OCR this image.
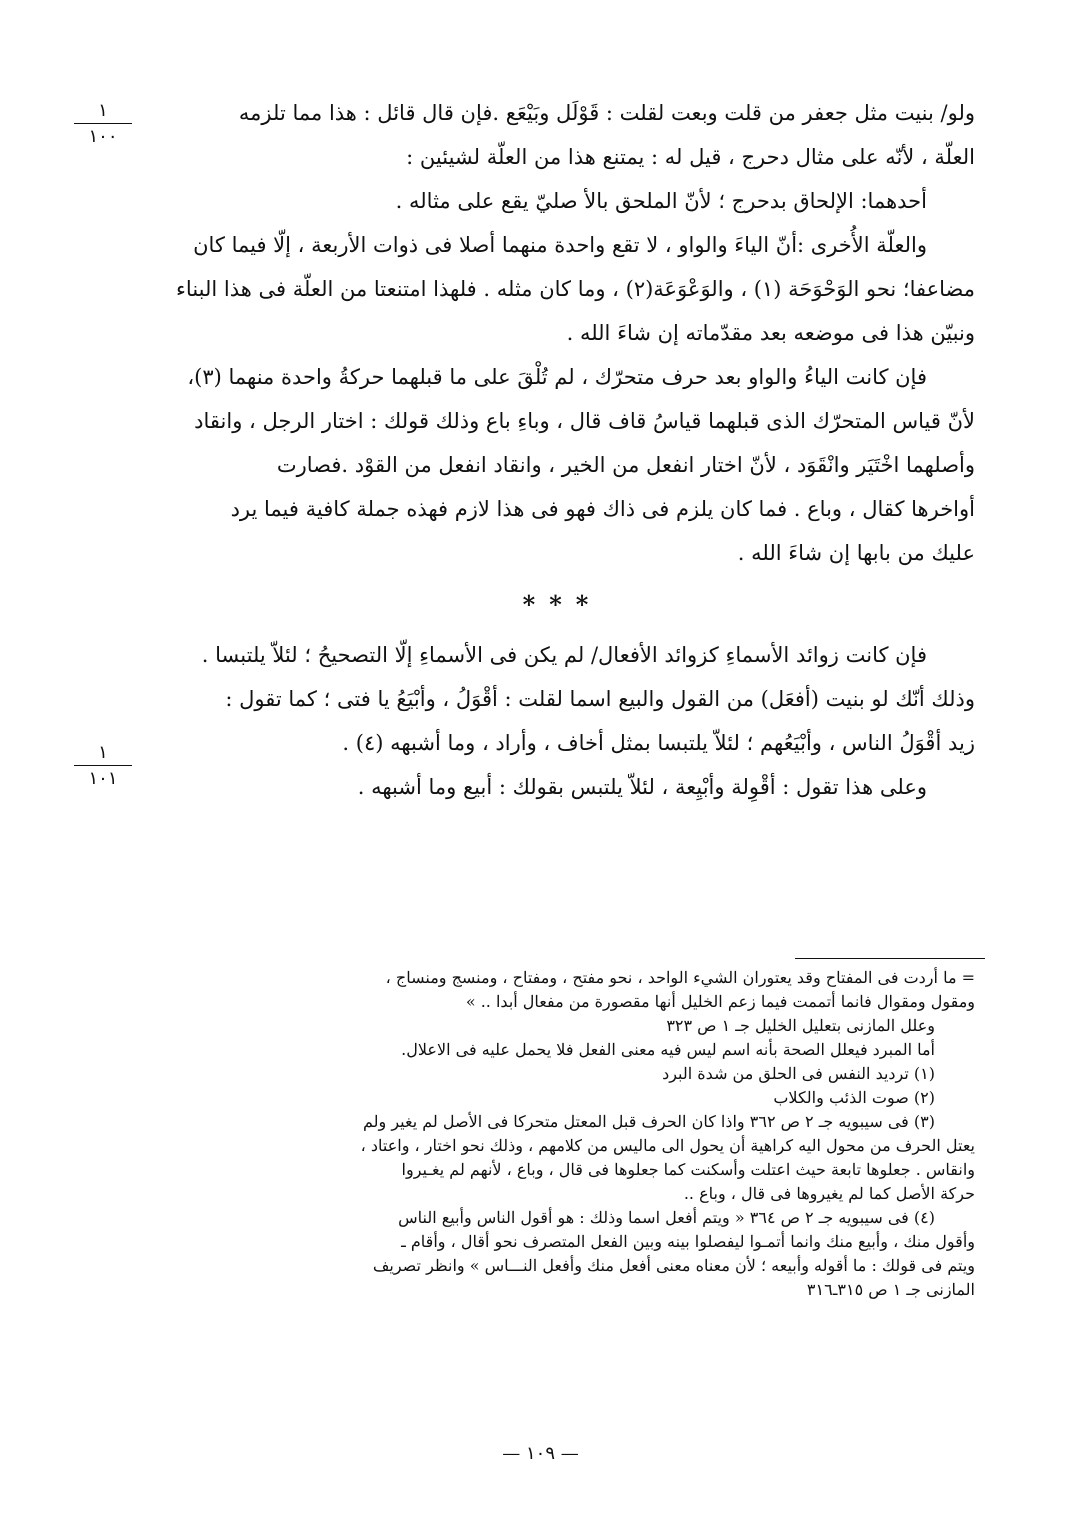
١
١٠٠
١
١٠١
ولو/ بنيت مثل جعفر من قلت وبعت لقلت : قَوْلَل وبَيْعَع .فإن قال قائل : هذا مما تلزمه
العلّة ، لأنّه على مثال دحرج ، قيل له : يمتنع هذا من العلّة لشيئين :
أحدهما: الإلحاق بدحرج ؛ لأنّ الملحق بالأ صليّ يقع على مثاله .
والعلّة الأُخرى :أنّ الياءَ والواو ، لا تقع واحدة منهما أصلا فى ذوات الأربعة ، إلّا فيما كان
مضاعفا؛ نحو الوَحْوَحَة (١) ، والوَعْوَعَة(٢) ، وما كان مثله . فلهذا امتنعتا من العلّة فى هذا البناء
ونبيّن هذا فى موضعه بعد مقدّماته إن شاءَ الله .
فإن كانت الياءُ والواو بعد حرف متحرّك ، لم تُلْقَ على ما قبلهما حركةُ واحدة منهما (٣)،
لأنّ قياس المتحرّك الذى قبلهما قياسُ قاف قال ، وباءِ باع وذلك قولك : اختار الرجل ، وانقاد
وأصلهما اخْتَيَر وانْقَوَد ، لأنّ اختار انفعل من الخير ، وانقاد انفعل من القوْد .فصارت
أواخرها كقال ، وباع . فما كان يلزم فى ذاك فهو فى هذا لازم فهذه جملة كافية فيما يرد
عليك من بابها إن شاءَ الله .
***
فإن كانت زوائد الأسماءِ كزوائد الأفعال/ لم يكن فى الأسماءِ إلّا التصحيحُ ؛ لئلاّ يلتبسا .
وذلك أنّك لو بنيت (أفعَل) من القول والبيع اسما لقلت : أقْوَلُ ، وأبْيَعُ يا فتى ؛ كما تقول :
زيد أقْوَلُ الناس ، وأبْيَعُهم ؛ لئلاّ يلتبسا بمثل أخاف ، وأراد ، وما أشبهه (٤) .
وعلى هذا تقول : أقْوِلة وأبْيِعة ، لئلاّ يلتبس بقولك : أبيع وما أشبهه .
= ما أردت فى المفتاح وقد يعتوران الشيء الواحد ، نحو مفتح ، ومفتاح ، ومنسج ومنساج ،
ومقول ومقوال فانما أتممت فيما زعم الخليل أنها مقصورة من مفعال أبدا .. »
وعلل المازنى بتعليل الخليل جـ ١ ص ٣٢٣
أما المبرد فيعلل الصحة بأنه اسم ليس فيه معنى الفعل فلا يحمل عليه فى الاعلال.
(١) ترديد النفس فى الحلق من شدة البرد
(٢) صوت الذئب والكلاب
(٣) فى سيبويه جـ ٢ ص ٣٦٢ واذا كان الحرف قبل المعتل متحركا فى الأصل لم يغير ولم
يعتل الحرف من محول اليه كراهية أن يحول الى ماليس من كلامهم ، وذلك نحو اختار ، واعتاد ،
وانقاس . جعلوها تابعة حيث اعتلت وأسكنت كما جعلوها فى قال ، وباع ، لأنهم لم يغـيروا
حركة الأصل كما لم يغيروها فى قال ، وباع ..
(٤) فى سيبويه جـ ٢ ص ٣٦٤ « ويتم أفعل اسما وذلك : هو أقول الناس وأبيع الناس
وأقول منك ، وأبيع منك وانما أتمـوا ليفصلوا بينه وبين الفعل المتصرف نحو أقال ، وأقام ـ
ويتم فى قولك : ما أقوله وأبيعه ؛ لأن معناه معنى أفعل منك وأفعل النـــاس » وانظر تصريف
المازنى جـ ١ ص ٣١٥ـ٣١٦
— ١٠٩ —
